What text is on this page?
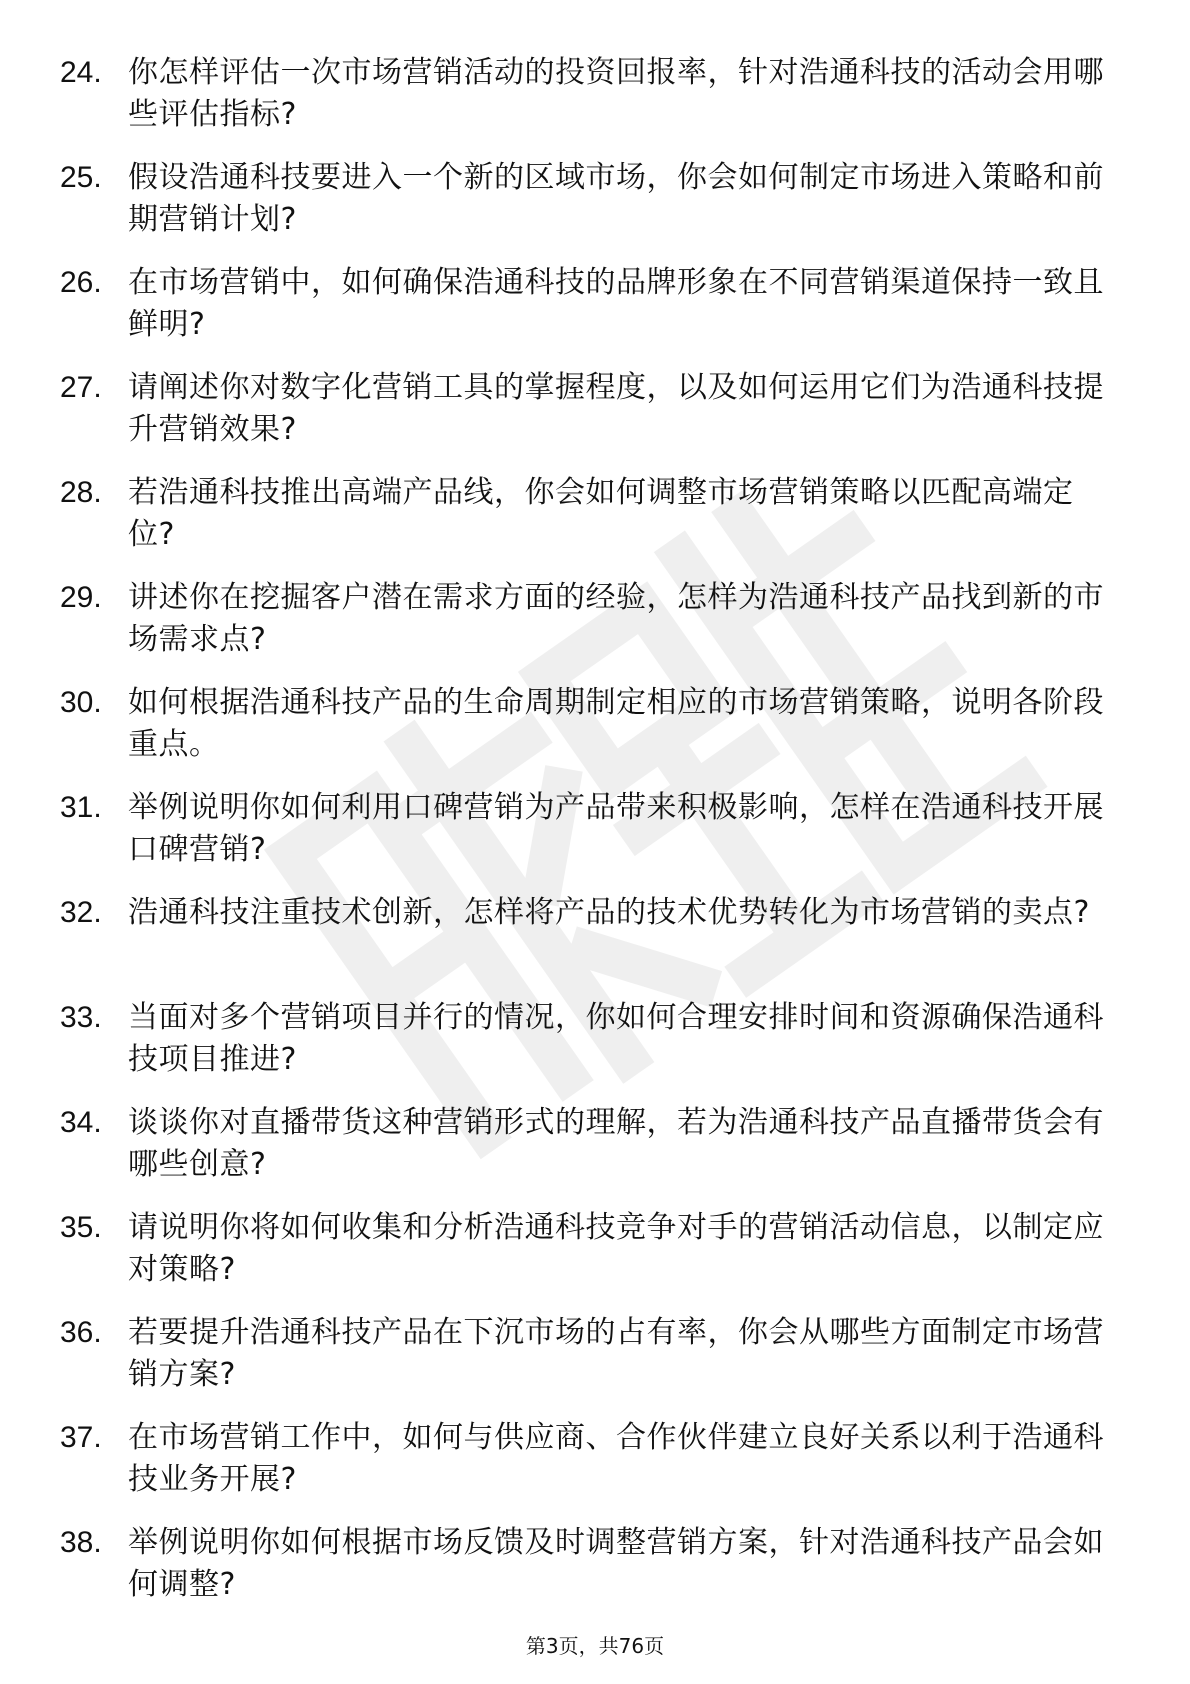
24. 你怎样评估一次市场营销活动的投资回报率，针对浩通科技的活动会用哪些评估指标?
25. 假设浩通科技要进入一个新的区域市场，你会如何制定市场进入策略和前期营销计划?
26. 在市场营销中，如何确保浩通科技的品牌形象在不同营销渠道保持一致且鲜明?
27. 请阐述你对数字化营销工具的掌握程度，以及如何运用它们为浩通科技提升营销效果?
28. 若浩通科技推出高端产品线，你会如何调整市场营销策略以匹配高端定位?
29. 讲述你在挖掘客户潜在需求方面的经验，怎样为浩通科技产品找到新的市场需求点?
30. 如何根据浩通科技产品的生命周期制定相应的市场营销策略，说明各阶段重点。
31. 举例说明你如何利用口碑营销为产品带来积极影响，怎样在浩通科技开展口碑营销?
32. 浩通科技注重技术创新，怎样将产品的技术优势转化为市场营销的卖点?
33. 当面对多个营销项目并行的情况，你如何合理安排时间和资源确保浩通科技项目推进?
34. 谈谈你对直播带货这种营销形式的理解，若为浩通科技产品直播带货会有哪些创意?
35. 请说明你将如何收集和分析浩通科技竞争对手的营销活动信息，以制定应对策略?
36. 若要提升浩通科技产品在下沉市场的占有率，你会从哪些方面制定市场营销方案?
37. 在市场营销工作中，如何与供应商、合作伙伴建立良好关系以利于浩通科技业务开展?
38. 举例说明你如何根据市场反馈及时调整营销方案，针对浩通科技产品会如何调整?
第3页，共76页
